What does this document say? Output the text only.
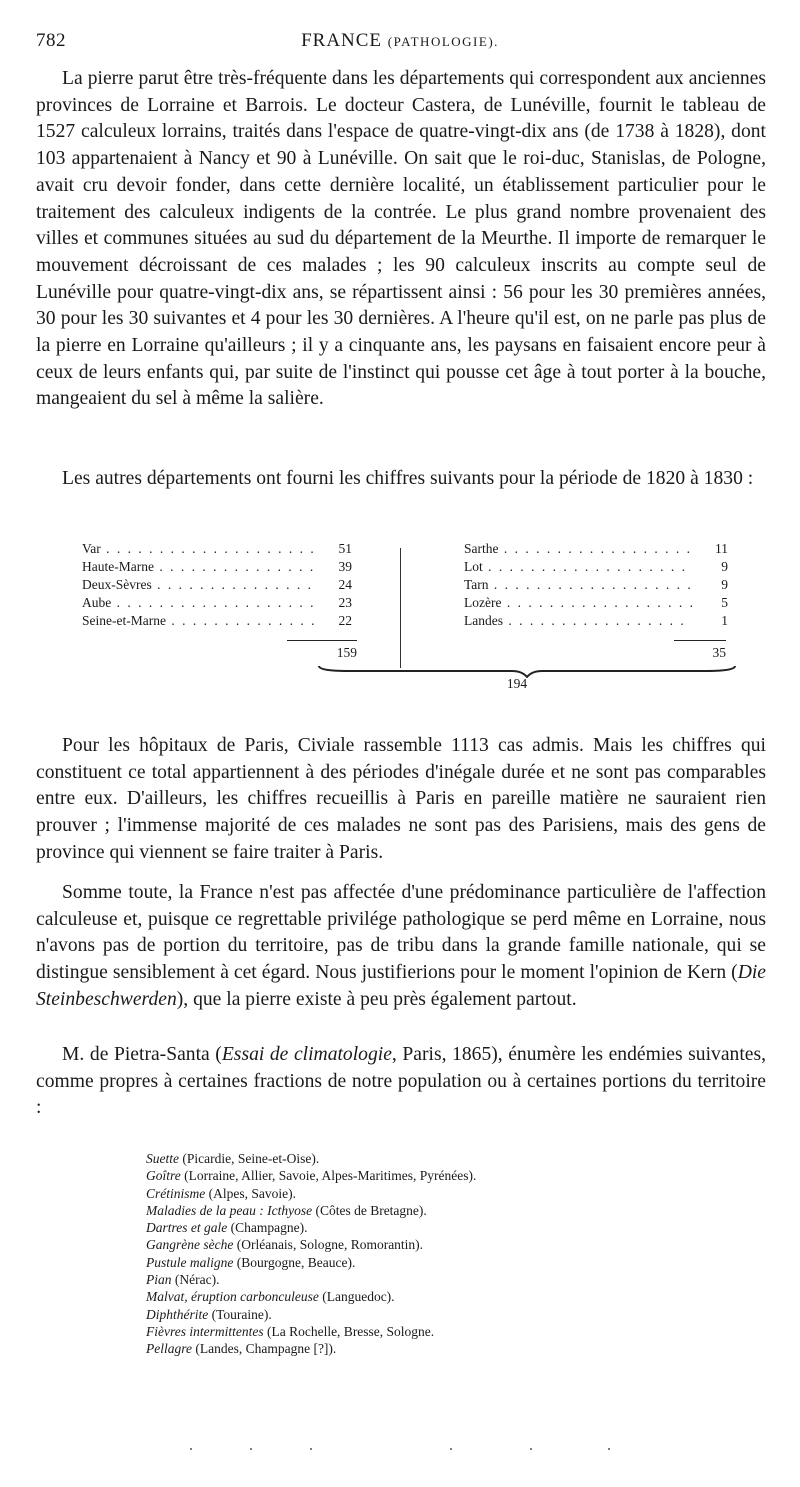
782	FRANCE (PATHOLOGIE).

La pierre parut être très-fréquente dans les départements qui correspondent aux anciennes provinces de Lorraine et Barrois. Le docteur Castera, de Lunéville, fournit le tableau de 1527 calculeux lorrains, traités dans l'espace de quatre-vingt-dix ans (de 1738 à 1828), dont 103 appartenaient à Nancy et 90 à Lunéville. On sait que le roi-duc, Stanislas, de Pologne, avait cru devoir fonder, dans cette dernière localité, un établissement particulier pour le traitement des calculeux indigents de la contrée. Le plus grand nombre provenaient des villes et communes situées au sud du département de la Meurthe. Il importe de remarquer le mouvement décroissant de ces malades ; les 90 calculeux inscrits au compte seul de Lunéville pour quatre-vingt-dix ans, se répartissent ainsi : 56 pour les 30 premières années, 30 pour les 30 suivantes et 4 pour les 30 dernières. A l'heure qu'il est, on ne parle pas plus de la pierre en Lorraine qu'ailleurs ; il y a cinquante ans, les paysans en faisaient encore peur à ceux de leurs enfants qui, par suite de l'instinct qui pousse cet âge à tout porter à la bouche, mangeaient du sel à même la salière.

Les autres départements ont fourni les chiffres suivants pour la période de 1820 à 1830 :

Var . . .	51
Haute-Marne . . .	39
Deux-Sèvres . . .	24
Aube . . .	23
Seine-et-Marne . . .	22
Sarthe . . .	11
Lot . . .	9
Tarn . . .	9
Lozère . . .	5
Landes . . .	1
159	35
194

Pour les hôpitaux de Paris, Civiale rassemble 1113 cas admis. Mais les chiffres qui constituent ce total appartiennent à des périodes d'inégale durée et ne sont pas comparables entre eux. D'ailleurs, les chiffres recueillis à Paris en pareille matière ne sauraient rien prouver ; l'immense majorité de ces malades ne sont pas des Parisiens, mais des gens de province qui viennent se faire traiter à Paris.

Somme toute, la France n'est pas affectée d'une prédominance particulière de l'affection calculeuse et, puisque ce regrettable privilége pathologique se perd même en Lorraine, nous n'avons pas de portion du territoire, pas de tribu dans la grande famille nationale, qui se distingue sensiblement à cet égard. Nous justifierions pour le moment l'opinion de Kern (Die Steinbeschwerden), que la pierre existe à peu près également partout.

M. de Pietra-Santa (Essai de climatologie, Paris, 1865), énumère les endémies suivantes, comme propres à certaines fractions de notre population ou à certaines portions du territoire :

Suette (Picardie, Seine-et-Oise).
Goître (Lorraine, Allier, Savoie, Alpes-Maritimes, Pyrénées).
Crétinisme (Alpes, Savoie).
Maladies de la peau : Icthyose (Côtes de Bretagne).
Dartres et gale (Champagne).
Gangrène sèche (Orléanais, Sologne, Romorantin).
Pustule maligne (Bourgogne, Beauce).
Pian (Nérac).
Malvat, éruption carbonculeuse (Languedoc).
Diphthérite (Touraine).
Fièvres intermittentes (La Rochelle, Bresse, Sologne.
Pellagre (Landes, Champagne [?]).
